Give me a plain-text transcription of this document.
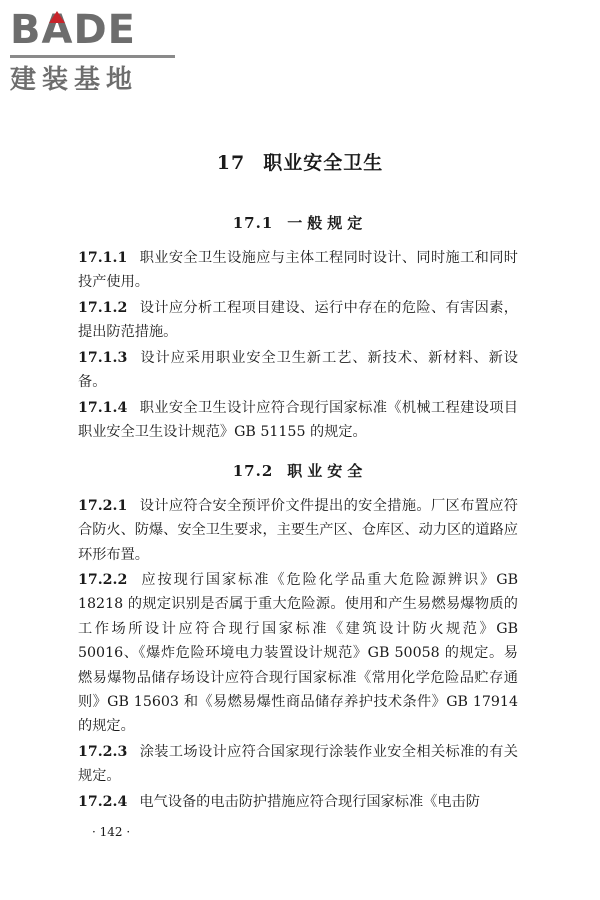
BADE
建装基地
17 职业安全卫生
17.1 一般规定
17.1.1 职业安全卫生设施应与主体工程同时设计、同时施工和同时投产使用。
17.1.2 设计应分析工程项目建设、运行中存在的危险、有害因素，提出防范措施。
17.1.3 设计应采用职业安全卫生新工艺、新技术、新材料、新设备。
17.1.4 职业安全卫生设计应符合现行国家标准《机械工程建设项目职业安全卫生设计规范》GB 51155 的规定。
17.2 职业安全
17.2.1 设计应符合安全预评价文件提出的安全措施。厂区布置应符合防火、防爆、安全卫生要求，主要生产区、仓库区、动力区的道路应环形布置。
17.2.2 应按现行国家标准《危险化学品重大危险源辨识》GB 18218 的规定识别是否属于重大危险源。使用和产生易燃易爆物质的工作场所设计应符合现行国家标准《建筑设计防火规范》GB 50016、《爆炸危险环境电力装置设计规范》GB 50058 的规定。易燃易爆物品储存场设计应符合现行国家标准《常用化学危险品贮存通则》GB 15603 和《易燃易爆性商品储存养护技术条件》GB 17914 的规定。
17.2.3 涂装工场设计应符合国家现行涂装作业安全相关标准的有关规定。
17.2.4 电气设备的电击防护措施应符合现行国家标准《电击防
· 142 ·
